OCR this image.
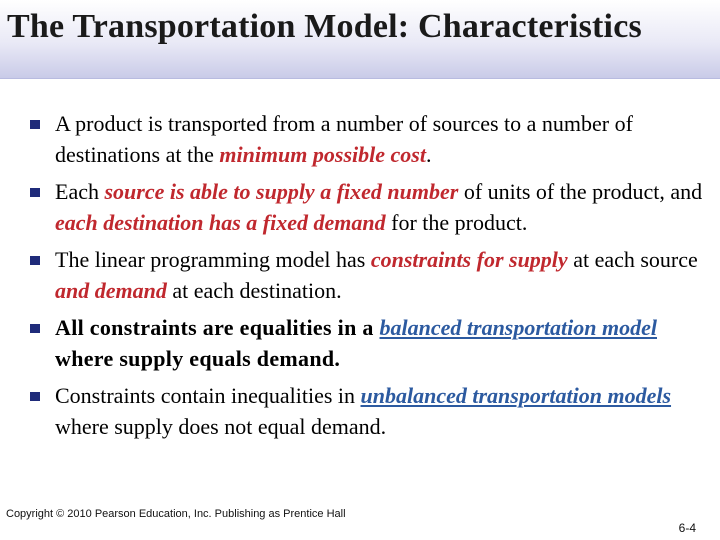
The Transportation Model: Characteristics
A product is transported from a number of sources to a number of destinations at the minimum possible cost.
Each source is able to supply a fixed number of units of the product, and each destination has a fixed demand for the product.
The linear programming model has constraints for supply at each source and demand at each destination.
All constraints are equalities in a balanced transportation model where supply equals demand.
Constraints contain inequalities in unbalanced transportation models where supply does not equal demand.
Copyright © 2010 Pearson Education, Inc. Publishing as Prentice Hall
6-4
